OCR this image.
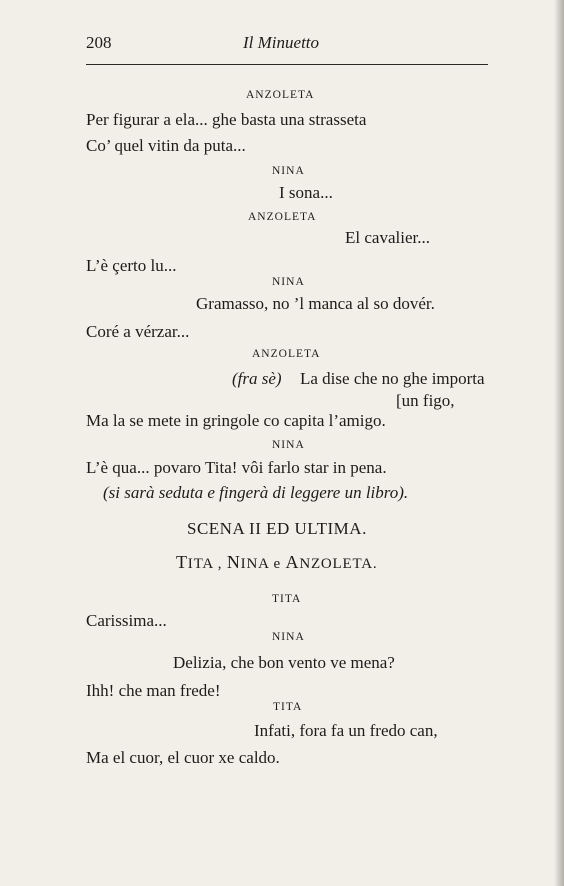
208	Il Minuetto
ANZOLETA
Per figurar a ela... ghe basta una strasseta
Co’ quel vitin da puta...
NINA
I sona...
ANZOLETA
El cavalier...
L’è çerto lu...
NINA
Gramasso, no ’l manca al so dovér.
Coré a vérzar...
ANZOLETA
(fra sè) La dise che no ghe importa
[un figo,
Ma la se mete in gringole co capita l’amigo.
NINA
L’è qua... povaro Tita! vôi farlo star in pena.
(si sarà seduta e fingerà di leggere un libro).
SCENA II ED ULTIMA.
TITA , NINA e ANZOLETA.
TITA
Carissima...
NINA
Delizia, che bon vento ve mena?
Ihh! che man frede!
TITA
Infati, fora fa un fredo can,
Ma el cuor, el cuor xe caldo.
